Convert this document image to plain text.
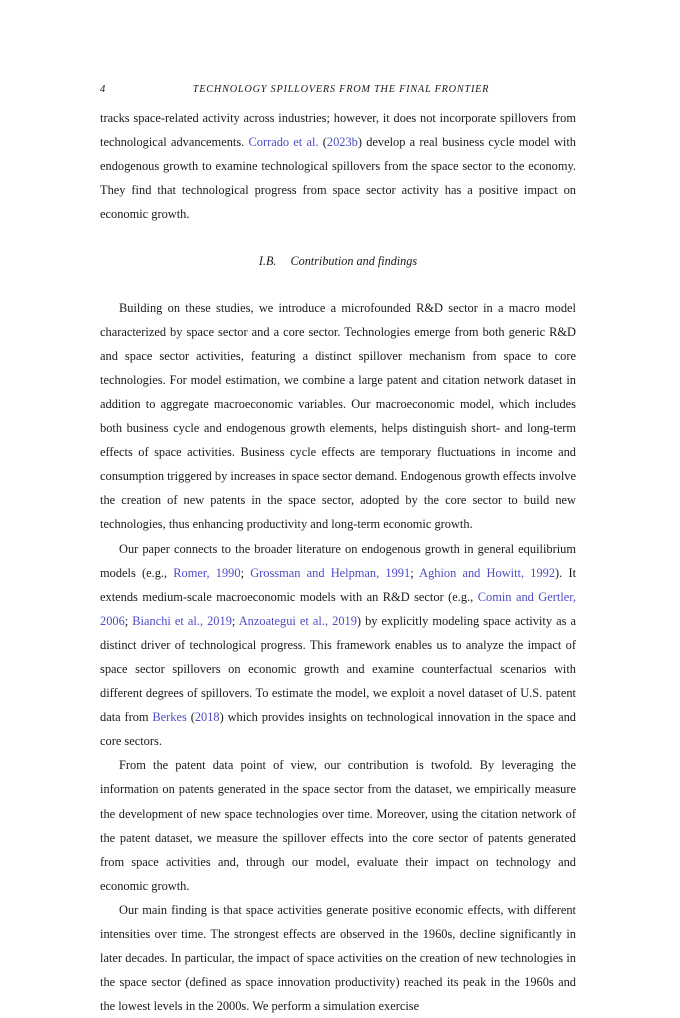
4	TECHNOLOGY SPILLOVERS FROM THE FINAL FRONTIER

tracks space-related activity across industries; however, it does not incorporate spillovers from technological advancements. Corrado et al. (2023b) develop a real business cycle model with endogenous growth to examine technological spillovers from the space sector to the economy. They find that technological progress from space sector activity has a positive impact on economic growth.

I.B. Contribution and findings

Building on these studies, we introduce a microfounded R&D sector in a macro model characterized by space sector and a core sector. Technologies emerge from both generic R&D and space sector activities, featuring a distinct spillover mechanism from space to core technologies. For model estimation, we combine a large patent and citation network dataset in addition to aggregate macroeconomic variables. Our macroeconomic model, which includes both business cycle and endogenous growth elements, helps distinguish short- and long-term effects of space activities. Business cycle effects are temporary fluctuations in income and consumption triggered by increases in space sector demand. Endogenous growth effects involve the creation of new patents in the space sector, adopted by the core sector to build new technologies, thus enhancing productivity and long-term economic growth.

Our paper connects to the broader literature on endogenous growth in general equilibrium models (e.g., Romer, 1990; Grossman and Helpman, 1991; Aghion and Howitt, 1992). It extends medium-scale macroeconomic models with an R&D sector (e.g., Comin and Gertler, 2006; Bianchi et al., 2019; Anzoategui et al., 2019) by explicitly modeling space activity as a distinct driver of technological progress. This framework enables us to analyze the impact of space sector spillovers on economic growth and examine counterfactual scenarios with different degrees of spillovers. To estimate the model, we exploit a novel dataset of U.S. patent data from Berkes (2018) which provides insights on technological innovation in the space and core sectors.

From the patent data point of view, our contribution is twofold. By leveraging the information on patents generated in the space sector from the dataset, we empirically measure the development of new space technologies over time. Moreover, using the citation network of the patent dataset, we measure the spillover effects into the core sector of patents generated from space activities and, through our model, evaluate their impact on technology and economic growth.

Our main finding is that space activities generate positive economic effects, with different intensities over time. The strongest effects are observed in the 1960s, decline significantly in later decades. In particular, the impact of space activities on the creation of new technologies in the space sector (defined as space innovation productivity) reached its peak in the 1960s and the lowest levels in the 2000s. We perform a simulation exercise
